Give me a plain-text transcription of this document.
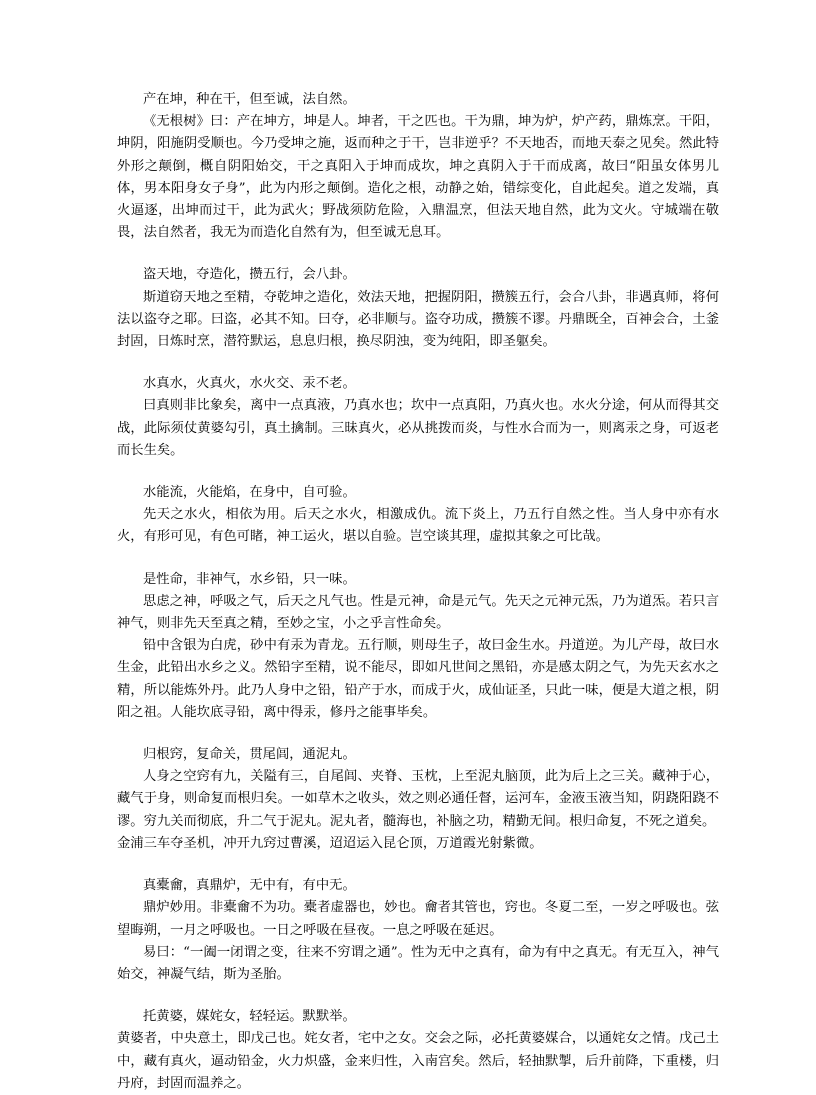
产在坤，种在干，但至诚，法自然。

《无根树》曰：产在坤方，坤是人。坤者，干之匹也。干为鼎，坤为炉，炉产药，鼎炼烹。干阳，坤阴，阳施阴受顺也。今乃受坤之施，返而种之于干，岂非逆乎？不天地否，而地天泰之见矣。然此特外形之颠倒，概自阴阳始交，干之真阳入于坤而成坎，坤之真阴入于干而成离，故曰“阳虽女体男儿体，男本阳身女子身”，此为内形之颠倒。造化之根，动静之始，错综变化，自此起矣。道之发端，真火逼逐，出坤而过干，此为武火；野战须防危险，入鼎温烹，但法天地自然，此为文火。守城端在敬畏，法自然者，我无为而造化自然有为，但至诚无息耳。

盗天地，夺造化，攒五行，会八卦。

斯道窃天地之至精，夺乾坤之造化，效法天地，把握阴阳，攒簇五行，会合八卦，非遇真师，将何法以盗夺之耶。曰盗，必其不知。曰夺，必非顺与。盗夺功成，攒簇不谬。丹鼎既全，百神会合，土釜封固，日炼时烹，潜符默运，息息归根，换尽阴浊，变为纯阳，即圣躯矣。

水真水，火真火，水火交、汞不老。

曰真则非比象矣，离中一点真液，乃真水也；坎中一点真阳，乃真火也。水火分途，何从而得其交战，此际须仗黄婆勾引，真土擒制。三昧真火，必从挑拨而炎，与性水合而为一，则离汞之身，可返老而长生矣。

水能流，火能焰，在身中，自可验。

先天之水火，相依为用。后天之水火，相激成仇。流下炎上，乃五行自然之性。当人身中亦有水火，有形可见，有色可睹，神工运火，堪以自验。岂空谈其理，虚拟其象之可比哉。

是性命，非神气，水乡铅，只一味。

思虑之神，呼吸之气，后天之凡气也。性是元神，命是元气。先天之元神元炁，乃为道炁。若只言神气，则非先天至真之精，至妙之宝，小之乎言性命矣。

铅中含银为白虎，砂中有汞为青龙。五行顺，则母生子，故曰金生水。丹道逆。为儿产母，故曰水生金，此铅出水乡之义。然铅字至精，说不能尽，即如凡世间之黑铅，亦是感太阴之气，为先天玄水之精，所以能炼外丹。此乃人身中之铅，铅产于水，而成于火，成仙证圣，只此一味，便是大道之根，阴阳之祖。人能坎底寻铅，离中得汞，修丹之能事毕矣。

归根窍，复命关，贯尾闾，通泥丸。

人身之空窍有九，关隘有三，自尾闾、夹脊、玉枕，上至泥丸脑顶，此为后上之三关。藏神于心，藏气于身，则命复而根归矣。一如草木之收头，效之则必通任督，运河车，金液玉液当知，阴跷阳跷不谬。穷九关而彻底，升二气于泥丸。泥丸者，髓海也，补脑之功，精勤无间。根归命复，不死之道矣。

金浦三车夺圣机，冲开九窍过曹溪，迢迢运入昆仑顶，万道霞光射紫微。

真橐龠，真鼎炉，无中有，有中无。

鼎炉妙用。非橐龠不为功。橐者虚器也，妙也。龠者其管也，窍也。冬夏二至，一岁之呼吸也。弦望晦朔，一月之呼吸也。一日之呼吸在昼夜。一息之呼吸在延迟。

易曰：“一阖一闭谓之变，往来不穷谓之通”。性为无中之真有，命为有中之真无。有无互入，神气始交，神凝气结，斯为圣胎。

托黄婆，媒姹女，轻轻运。默默举。

黄婆者，中央意土，即戊己也。姹女者，宅中之女。交会之际，必托黄婆媒合，以通姹女之情。戊己土中，藏有真火，逼动铅金，火力炽盛，金来归性，入南宫矣。然后，轻抽默掣，后升前降，下重楼，归丹府，封固而温养之。
